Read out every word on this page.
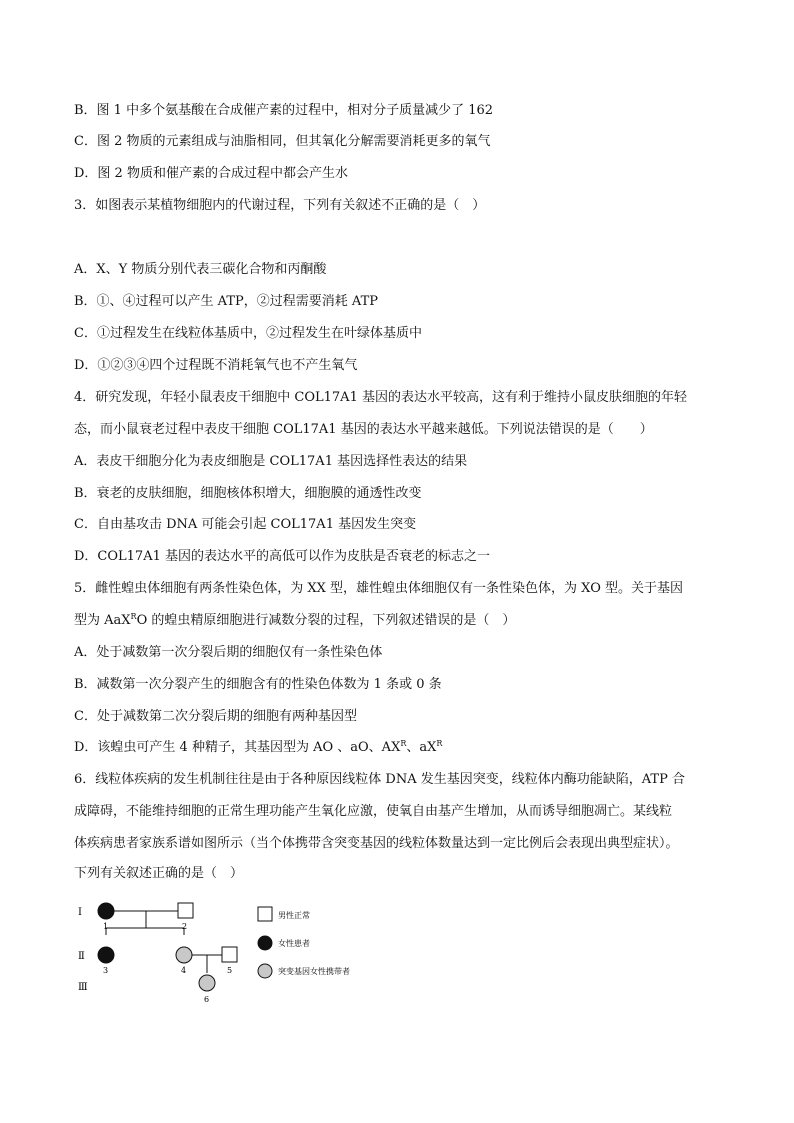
B．图 1 中多个氨基酸在合成催产素的过程中，相对分子质量减少了 162
C．图 2 物质的元素组成与油脂相同，但其氧化分解需要消耗更多的氧气
D．图 2 物质和催产素的合成过程中都会产生水
3．如图表示某植物细胞内的代谢过程，下列有关叙述不正确的是（　）
A．X、Y 物质分别代表三碳化合物和丙酮酸
B．①、④过程可以产生 ATP，②过程需要消耗 ATP
C．①过程发生在线粒体基质中，②过程发生在叶绿体基质中
D．①②③④四个过程既不消耗氧气也不产生氧气
4．研究发现，年轻小鼠表皮干细胞中 COL17A1 基因的表达水平较高，这有利于维持小鼠皮肤细胞的年轻
态，而小鼠衰老过程中表皮干细胞 COL17A1 基因的表达水平越来越低。下列说法错误的是（　　）
A．表皮干细胞分化为表皮细胞是 COL17A1 基因选择性表达的结果
B．衰老的皮肤细胞，细胞核体积增大，细胞膜的通透性改变
C．自由基攻击 DNA 可能会引起 COL17A1 基因发生突变
D．COL17A1 基因的表达水平的高低可以作为皮肤是否衰老的标志之一
5．雌性蝗虫体细胞有两条性染色体，为 XX 型，雄性蝗虫体细胞仅有一条性染色体，为 XO 型。关于基因
型为 AaX$^R$O 的蝗虫精原细胞进行减数分裂的过程，下列叙述错误的是（　）
A．处于减数第一次分裂后期的细胞仅有一条性染色体
B．减数第一次分裂产生的细胞含有的性染色体数为 1 条或 0 条
C．处于减数第二次分裂后期的细胞有两种基因型
D．该蝗虫可产生 4 种精子，其基因型为 AO 、aO、$AX^R$、$aX^R$
6．线粒体疾病的发生机制往往是由于各种原因线粒体 DNA 发生基因突变，线粒体内酶功能缺陷，ATP 合
成障碍，不能维持细胞的正常生理功能产生氧化应激，使氧自由基产生增加，从而诱导细胞凋亡。某线粒
体疾病患者家族系谱如图所示（当个体携带含突变基因的线粒体数量达到一定比例后会表现出典型症状）。
下列有关叙述正确的是（　）
Ⅰ
Ⅱ
Ⅲ
1	2
3	4	5
6
男性正常
女性患者
突变基因女性携带者
